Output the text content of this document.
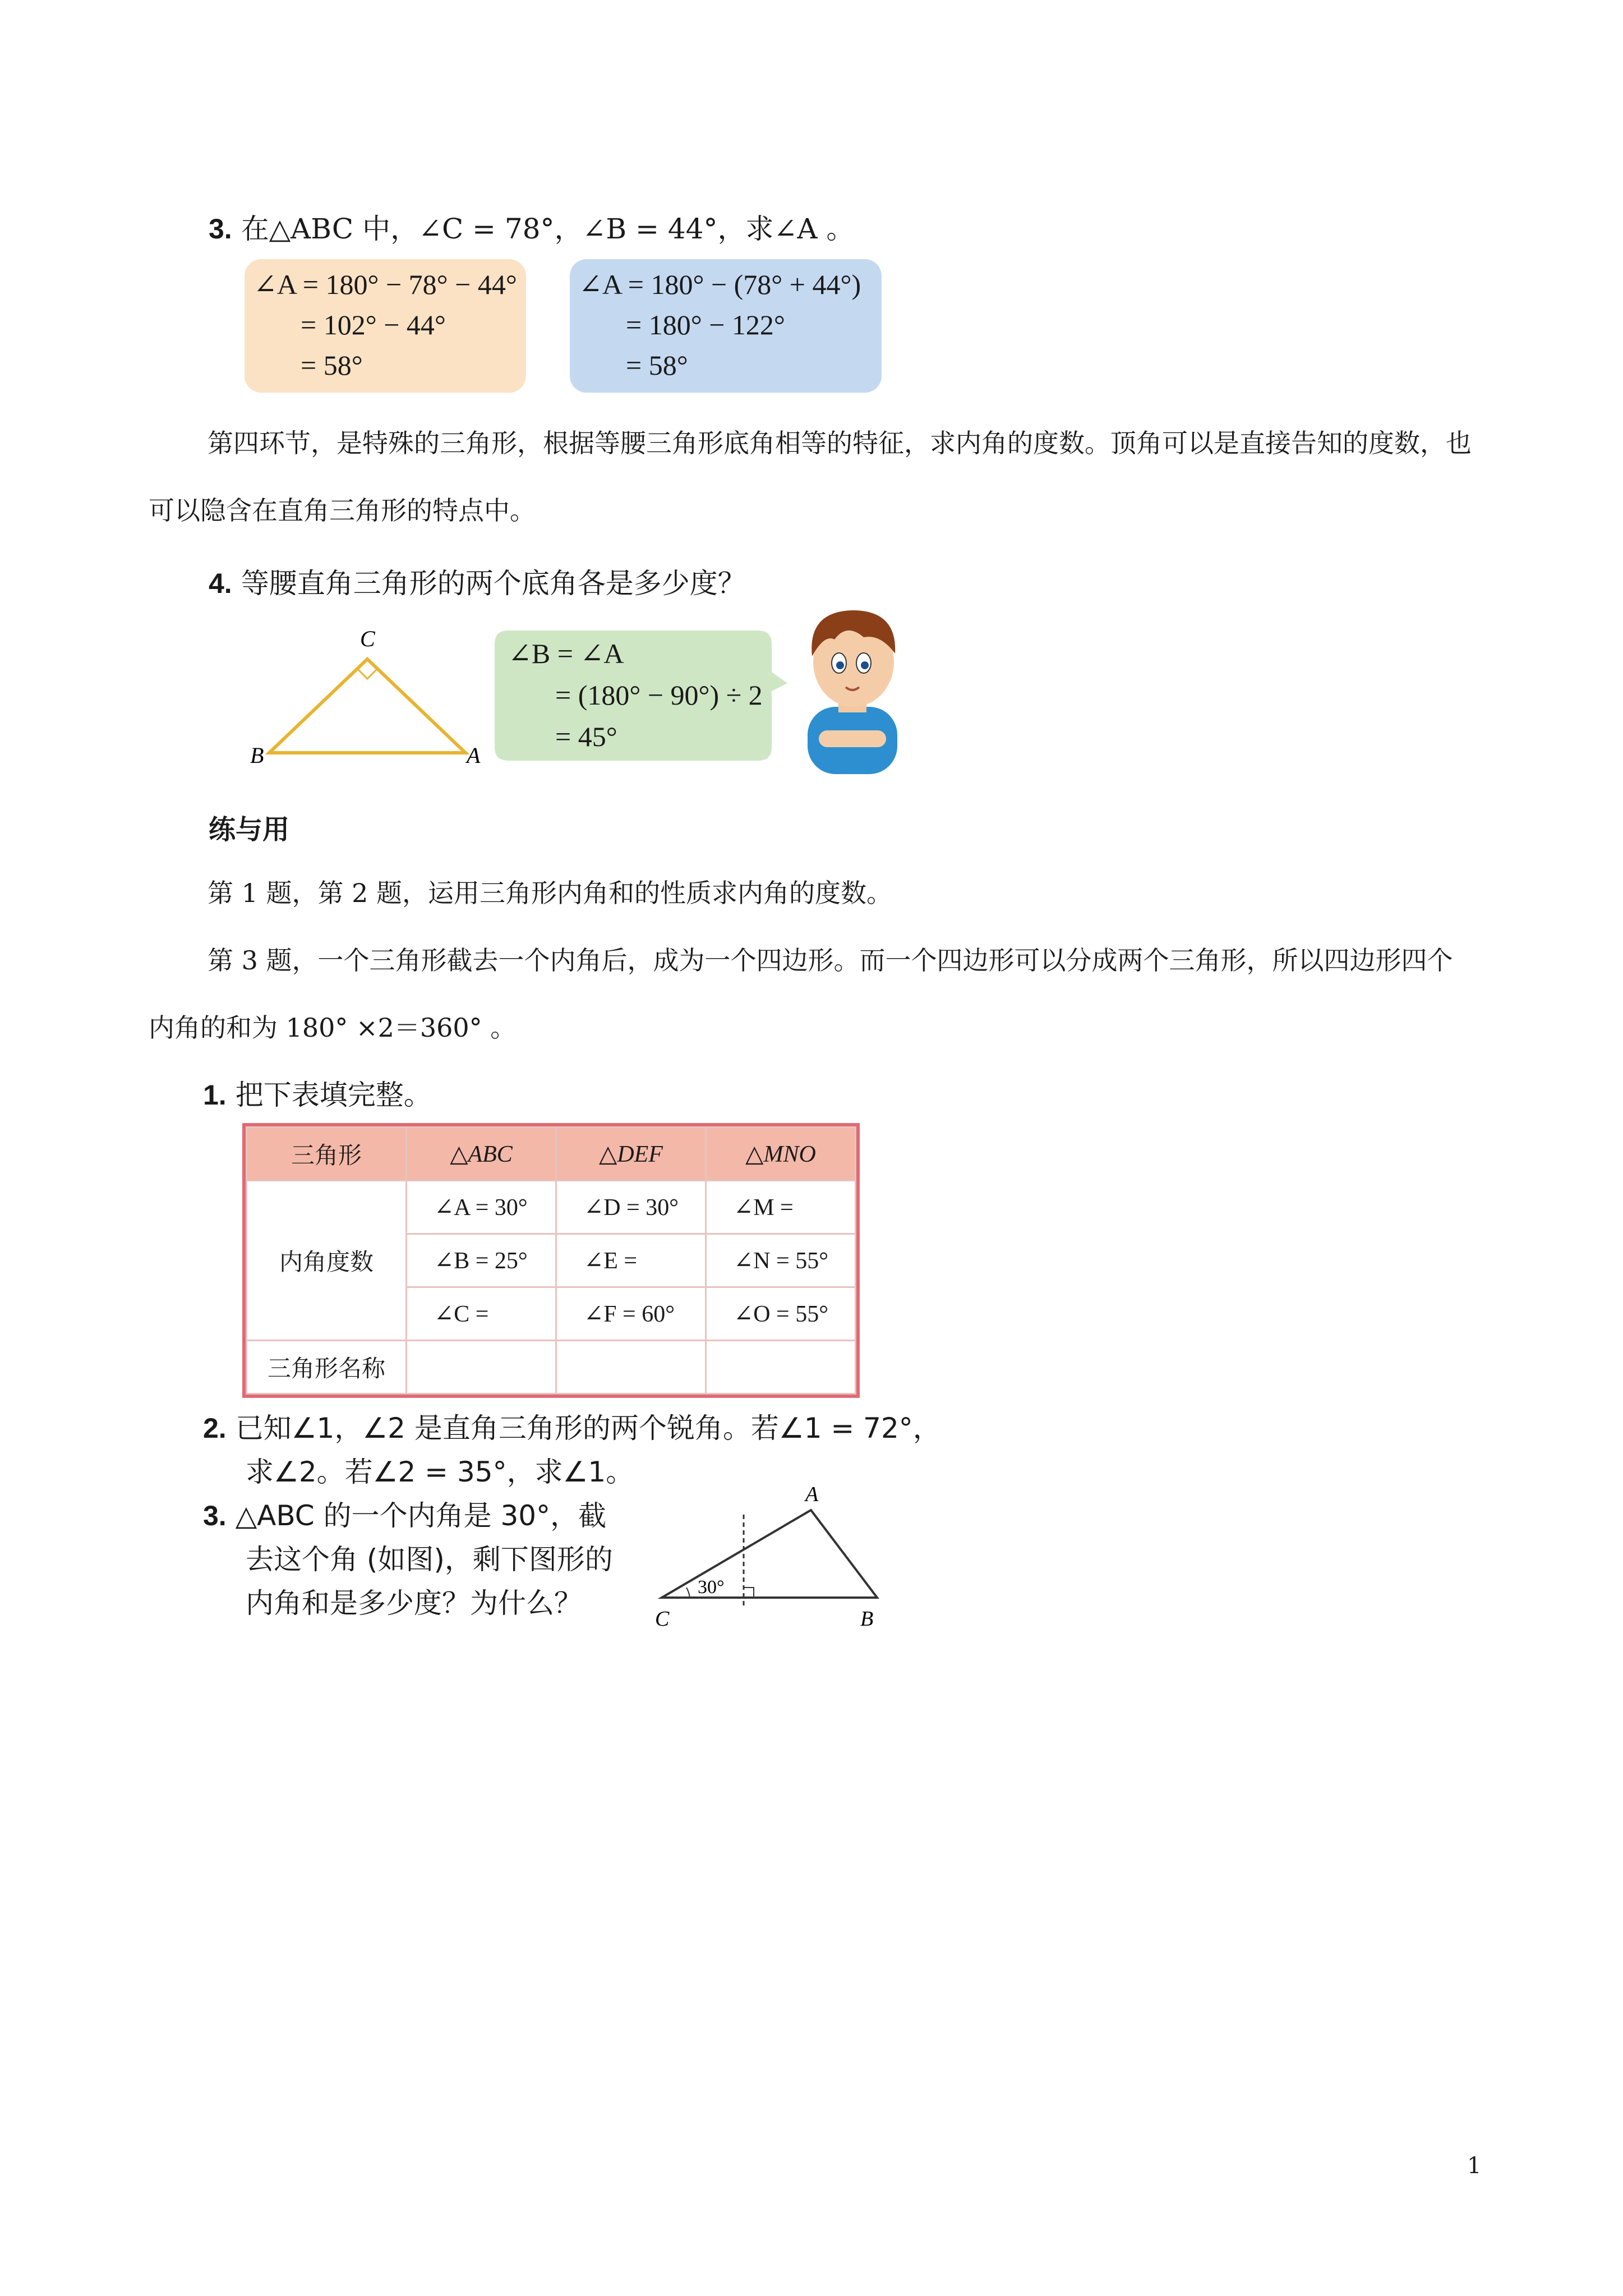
3. 在△ABC 中，∠C = 78°，∠B = 44°，求∠A 。
∠A = 180° − 78° − 44°
= 102° − 44°
= 58°
∠A = 180° − (78° + 44°)
= 180° − 122°
= 58°
第四环节，是特殊的三角形，根据等腰三角形底角相等的特征，求内角的度数。顶角可以是直接告知的度数，也可以隐含在直角三角形的特点中。
4. 等腰直角三角形的两个底角各是多少度？
C
B	A
∠B = ∠A
= (180° − 90°) ÷ 2
= 45°
练与用
第 1 题，第 2 题，运用三角形内角和的性质求内角的度数。
第 3 题，一个三角形截去一个内角后，成为一个四边形。而一个四边形可以分成两个三角形，所以四边形四个内角的和为 180° ×2＝360° 。
1. 把下表填完整。
三角形	△ABC	△DEF	△MNO
内角度数	∠A = 30°	∠D = 30°	∠M =
	∠B = 25°	∠E =	∠N = 55°
	∠C =	∠F = 60°	∠O = 55°
三角形名称			
2. 已知∠1，∠2 是直角三角形的两个锐角。若∠1 = 72°，
求∠2。若∠2 = 35°，求∠1。
3. △ABC 的一个内角是 30°，截
去这个角 (如图)，剩下图形的
内角和是多少度？为什么？	30°
A
C	B
1
